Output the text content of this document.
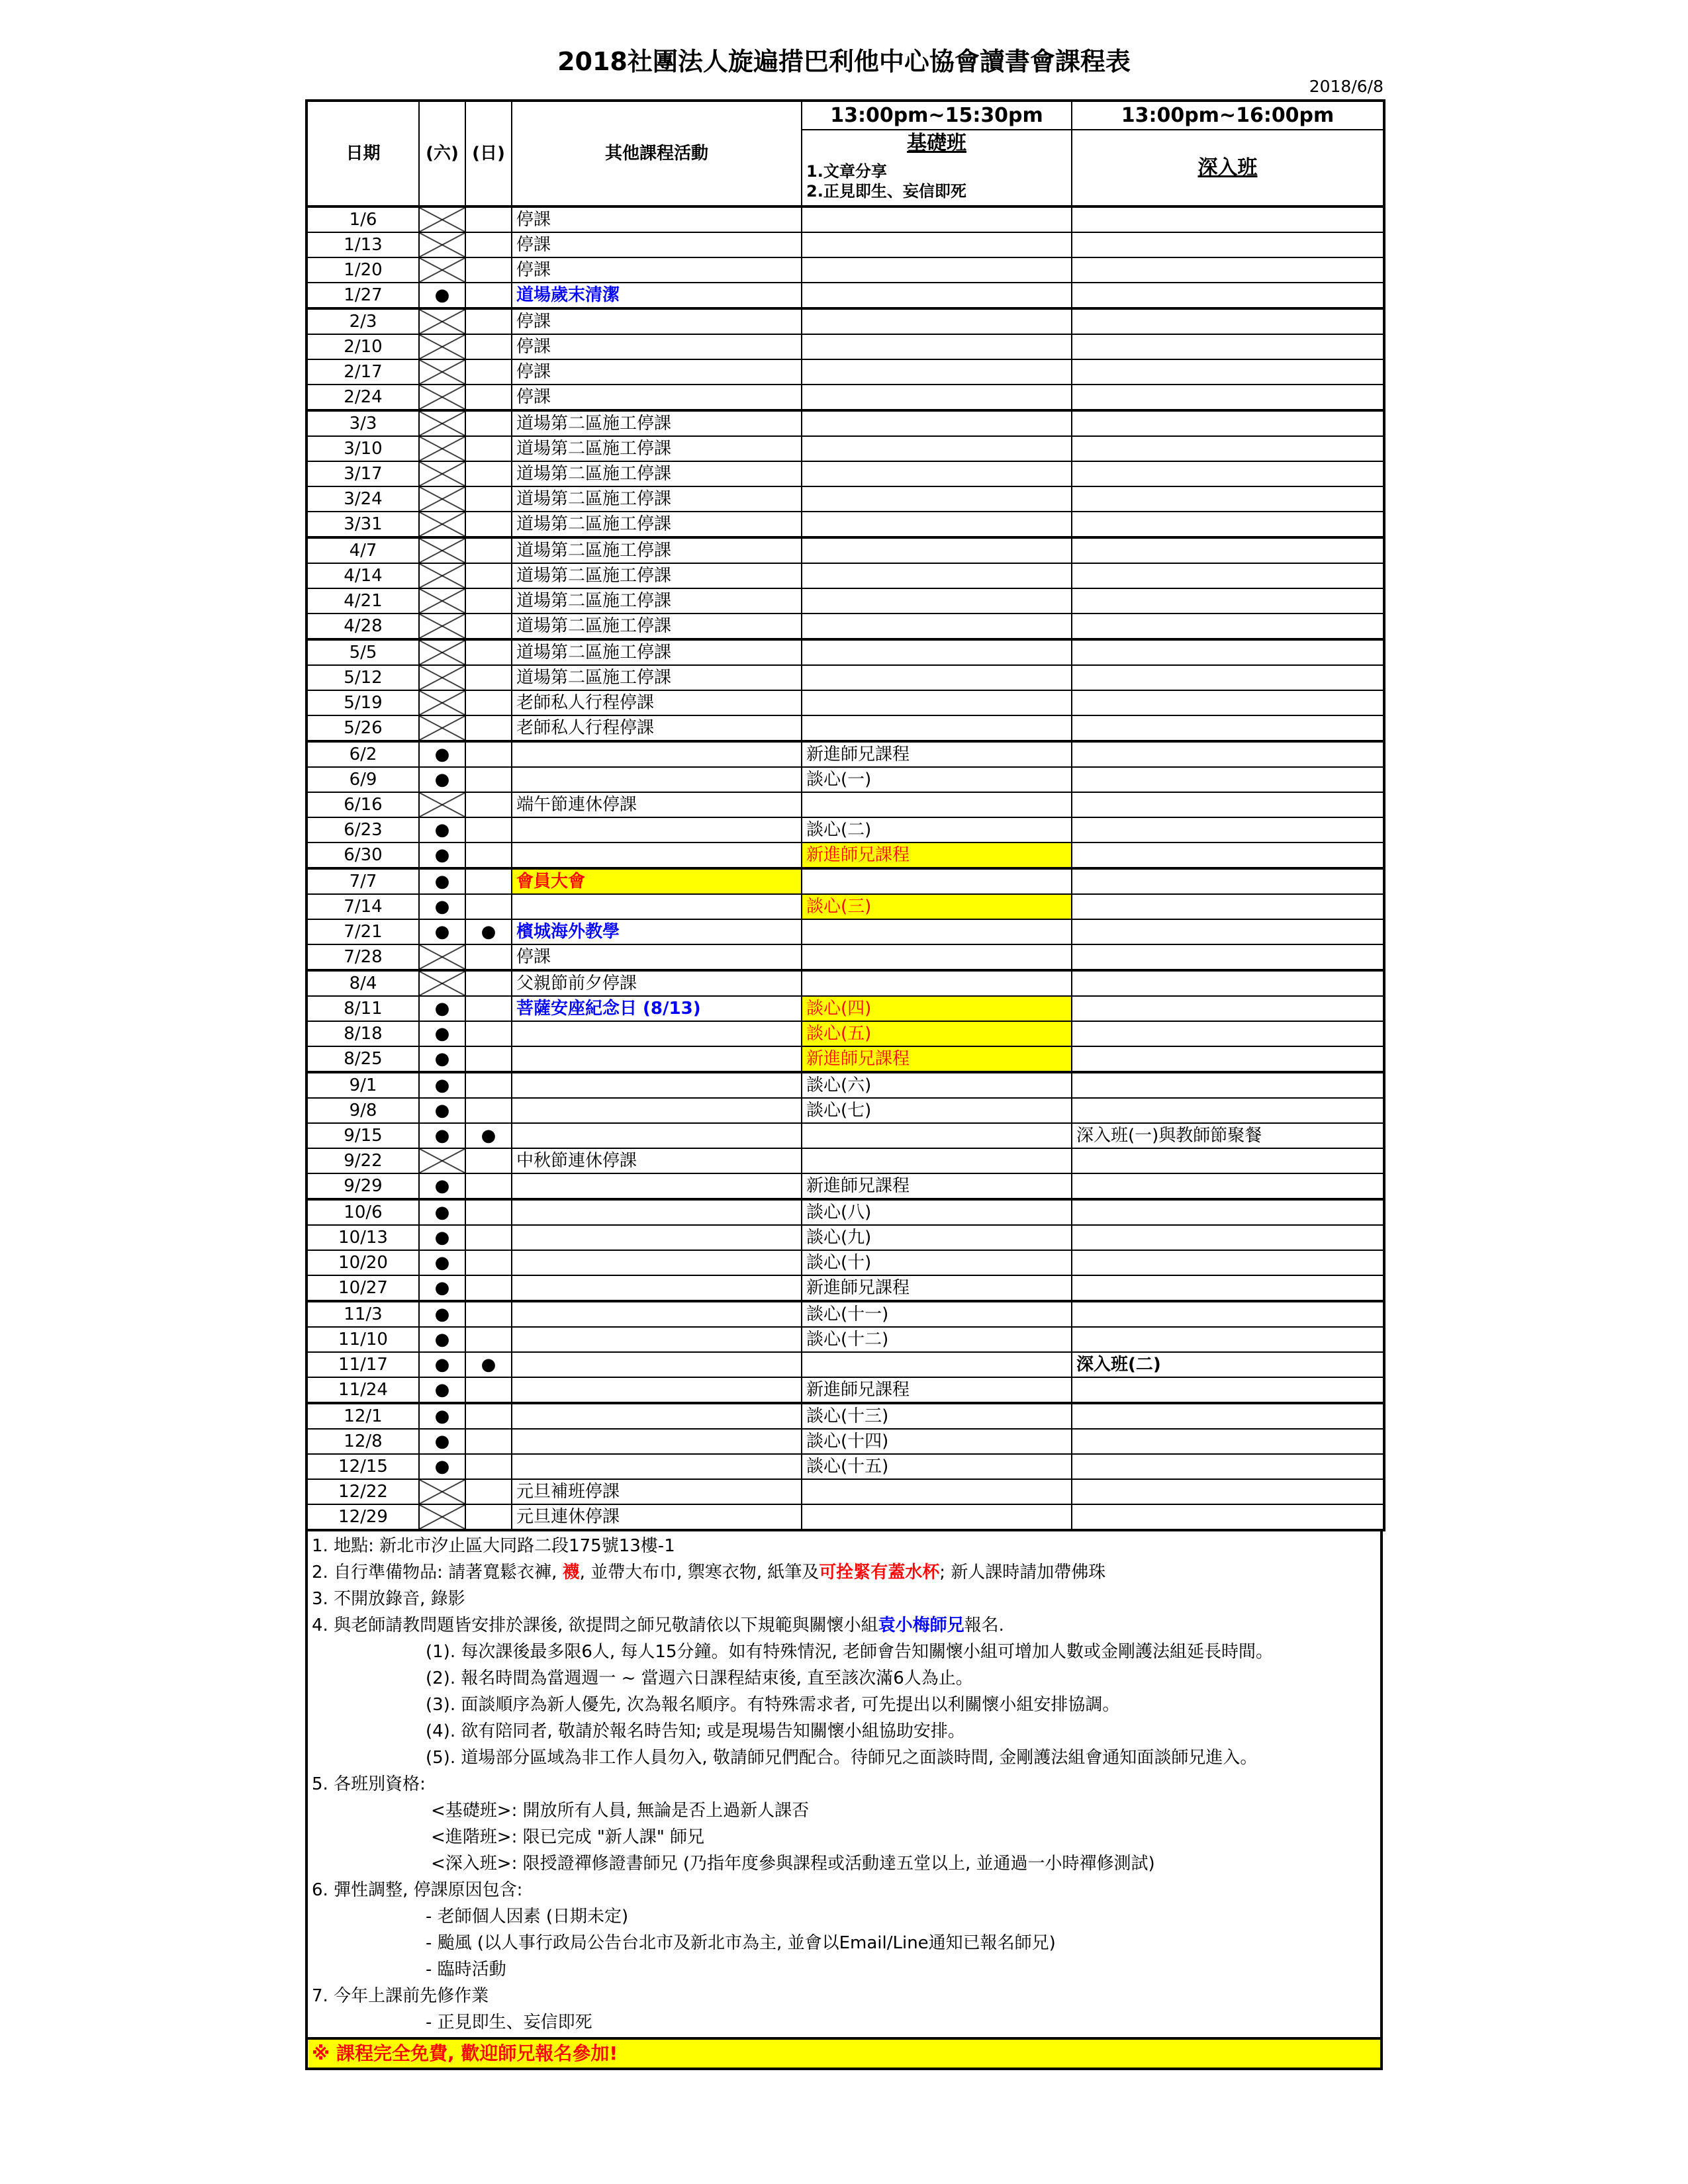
2018社團法人旋遍措巴利他中心協會讀書會課程表
2018/6/8
日期	(六)	(日)	其他課程活動	13:00pm~15:30pm	13:00pm~16:00pm
				基礎班	深入班

				1.文章分享
2.正見即生、妄信即死	

1/6			停課		
1/13			停課		
1/20			停課		
1/27	●		道場歲末清潔		
2/3			停課		
2/10			停課		
2/17			停課		
2/24			停課		
3/3			道場第二區施工停課		
3/10			道場第二區施工停課		
3/17			道場第二區施工停課		
3/24			道場第二區施工停課		
3/31			道場第二區施工停課		
4/7			道場第二區施工停課		
4/14			道場第二區施工停課		
4/21			道場第二區施工停課		
4/28			道場第二區施工停課		
5/5			道場第二區施工停課		
5/12			道場第二區施工停課		
5/19			老師私人行程停課		
5/26			老師私人行程停課		
6/2	●			新進師兄課程	
6/9	●			談心(一)	
6/16			端午節連休停課		
6/23	●			談心(二)	
6/30	●			新進師兄課程	
7/7	●		會員大會		
7/14	●			談心(三)	
7/21	●	●	檳城海外教學		
7/28			停課		
8/4			父親節前夕停課		
8/11	●		菩薩安座紀念日 (8/13)	談心(四)	
8/18	●			談心(五)	
8/25	●			新進師兄課程	
9/1	●			談心(六)	
9/8	●			談心(七)	
9/15	●	●			深入班(一)與教師節聚餐
9/22			中秋節連休停課		
9/29	●			新進師兄課程	
10/6	●			談心(八)	
10/13	●			談心(九)	
10/20	●			談心(十)	
10/27	●			新進師兄課程	
11/3	●			談心(十一)	
11/10	●			談心(十二)	
11/17	●	●			深入班(二)
11/24	●			新進師兄課程	
12/1	●			談心(十三)	
12/8	●			談心(十四)	
12/15	●			談心(十五)	
12/22			元旦補班停課		
12/29			元旦連休停課		
1. 地點: 新北市汐止區大同路二段175號13樓-1
2. 自行準備物品: 請著寬鬆衣褲, 襪, 並帶大布巾, 禦寒衣物, 紙筆及可拴緊有蓋水杯; 新人課時請加帶佛珠
3. 不開放錄音, 錄影
4. 與老師請教問題皆安排於課後, 欲提問之師兄敬請依以下規範與關懷小組袁小梅師兄報名.
(1). 每次課後最多限6人, 每人15分鐘。如有特殊情況, 老師會告知關懷小組可增加人數或金剛護法組延長時間。
(2). 報名時間為當週週一 ~ 當週六日課程結束後, 直至該次滿6人為止。
(3). 面談順序為新人優先, 次為報名順序。有特殊需求者, 可先提出以利關懷小組安排協調。
(4). 欲有陪同者, 敬請於報名時告知; 或是現場告知關懷小組協助安排。
(5). 道場部分區域為非工作人員勿入, 敬請師兄們配合。待師兄之面談時間, 金剛護法組會通知面談師兄進入。
5. 各班別資格:
<基礎班>: 開放所有人員, 無論是否上過新人課否
<進階班>: 限已完成 "新人課" 師兄
<深入班>: 限授證禪修證書師兄 (乃指年度參與課程或活動達五堂以上, 並通過一小時禪修測試)
6. 彈性調整, 停課原因包含:
- 老師個人因素 (日期未定)
- 颱風 (以人事行政局公告台北市及新北市為主, 並會以Email/Line通知已報名師兄)
- 臨時活動
7. 今年上課前先修作業
- 正見即生、妄信即死
※ 課程完全免費, 歡迎師兄報名參加!
